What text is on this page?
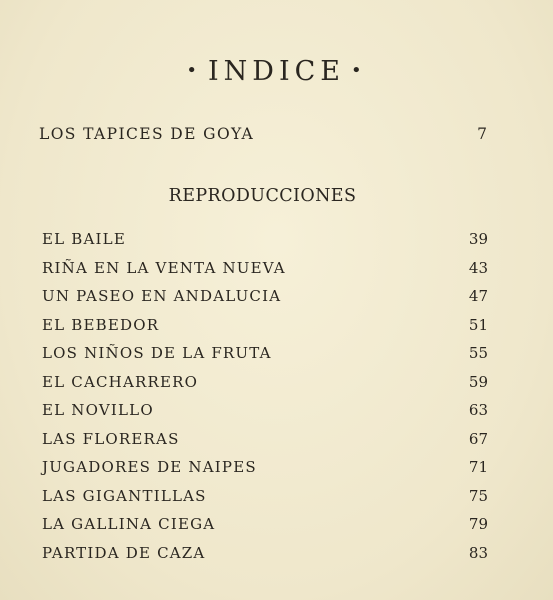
• INDICE •
LOS TAPICES DE GOYA	7
REPRODUCCIONES
EL BAILE	39
RIÑA EN LA VENTA NUEVA	43
UN PASEO EN ANDALUCIA	47
EL BEBEDOR	51
LOS NIÑOS DE LA FRUTA	55
EL CACHARRERO	59
EL NOVILLO	63
LAS FLORERAS	67
JUGADORES DE NAIPES	71
LAS GIGANTILLAS	75
LA GALLINA CIEGA	79
PARTIDA DE CAZA	83
